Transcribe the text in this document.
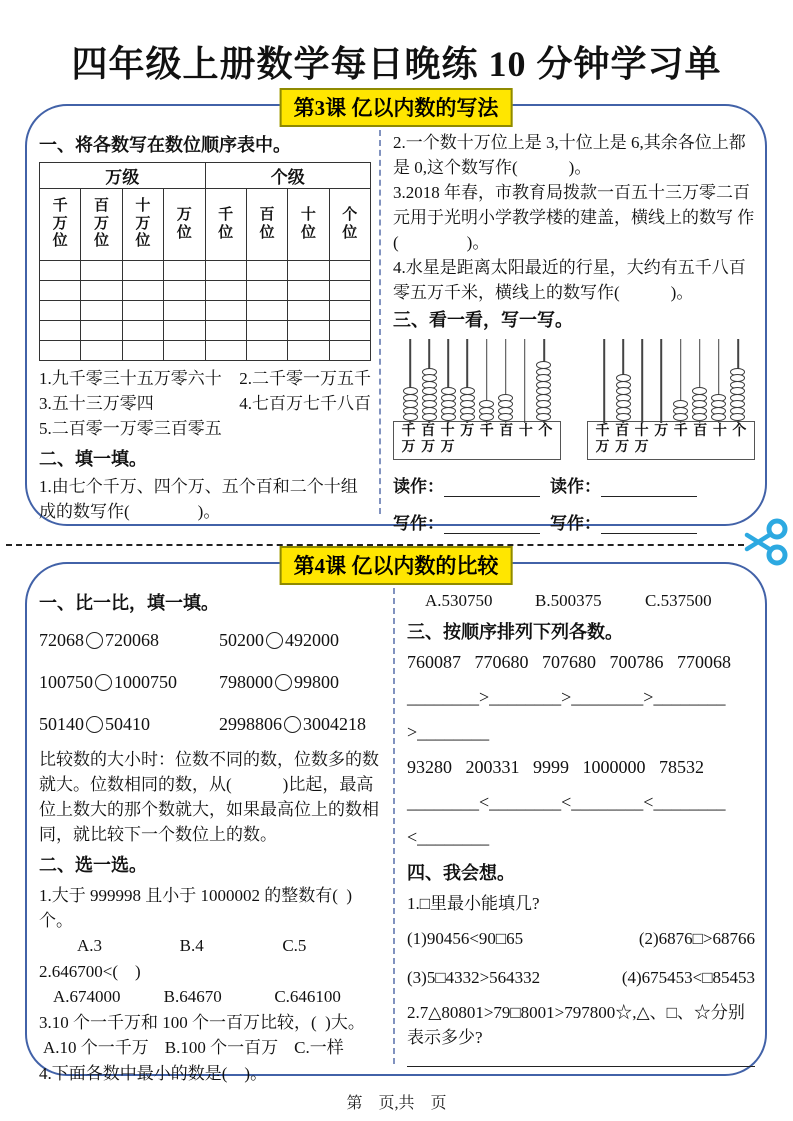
四年级上册数学每日晚练 10 分钟学习单
第3课 亿以内数的写法
一、将各数写在数位顺序表中。
万级				个级			
千万位	百万位	十万位	万位	千位	百位	十位	个位

1.九千零三十五万零六十 2.二千零一万五千
3.五十三万零四	4.七百万七千八百
5.二百零一万零三百零五
二、填一填。
1.由七个千万、四个万、五个百和二个十组成的数写作(　　　　)。
2.一个数十万位上是 3,十位上是 6,其余各位上都是 0,这个数写作(　　　)。
3.2018 年春，市教育局拨款一百五十三万零二百元用于光明小学教学楼的建盖，横线上的数写 作(　　　　)。
4.水星是距离太阳最近的行星，大约有五千八百零五万千米，横线上的数写作(　　　)。
三、看一看，写一写。
千万
百万
十万
万 千 百 十 个	千万
百万
十万
万 千 百 十 个
读作：	读作：
写作：	写作：
第4课 亿以内数的比较
一、比一比，填一填。
72068 720068	50200 492000
100750 1000750 798000 99800
50140 50410	2998806 3004218
比较数的大小时：位数不同的数，位数多的数就大。位数相同的数，从(　　　)比起，最高位上数大的那个数就大，如果最高位上的数相同，就比较下一个数位上的数。
二、选一选。
1.大于 999998 且小于 1000002 的整数有(  )个。
A.3	B.4	C.5
2.646700<(　)
A.674000	B.64670	C.646100
3.10 个一千万和 100 个一百万比较，(  )大。
A.10 个一千万 B.100 个一百万 C.一样
4.下面各数中最小的数是(　)。
A.530750	B.500375	C.537500
三、按顺序排列下列各数。
760087   770680   707680   700786   770068
________>________>________>________
>________
93280   200331   9999   1000000   78532
________<________<________<________
<________
四、我会想。
1.□里最小能填几?
(1)90456<90□65	(2)6876□>68766
(3)5□4332>564332	(4)675453<□85453
2.7△80801>79□8001>797800☆,△、□、☆分别表示多少?
第    页,共    页
